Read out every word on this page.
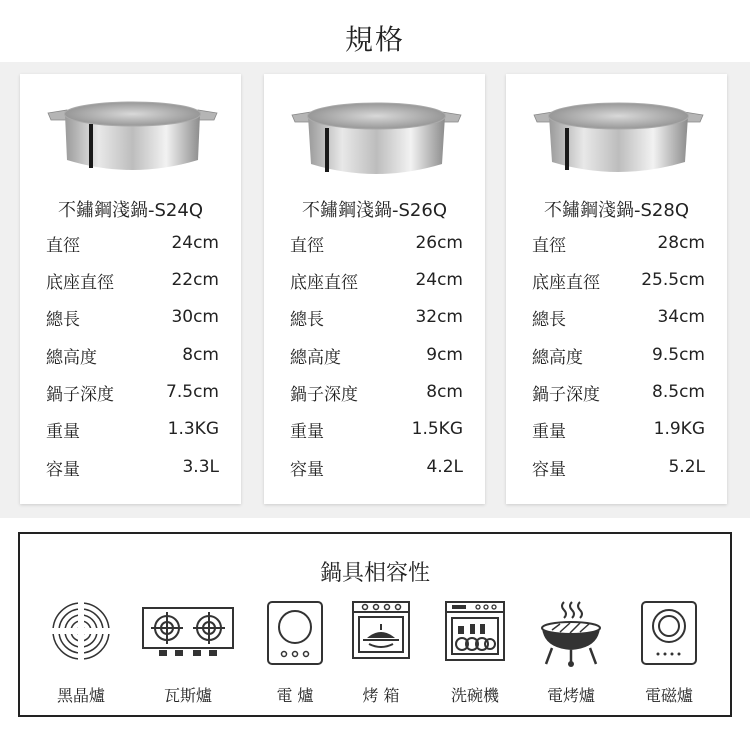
規格
不鏽鋼淺鍋-S24Q
直徑	24cm
底座直徑	22cm
總長	30cm
總高度	8cm
鍋子深度	7.5cm
重量	1.3KG
容量	3.3L
不鏽鋼淺鍋-S26Q
直徑	26cm
底座直徑	24cm
總長	32cm
總高度	9cm
鍋子深度	8cm
重量	1.5KG
容量	4.2L
不鏽鋼淺鍋-S28Q
直徑	28cm
底座直徑 25.5cm
總長	34cm
總高度	9.5cm
鍋子深度	8.5cm
重量	1.9KG
容量	5.2L
鍋具相容性
黑晶爐	瓦斯爐	電 爐	烤 箱	洗碗機	電烤爐	電磁爐
